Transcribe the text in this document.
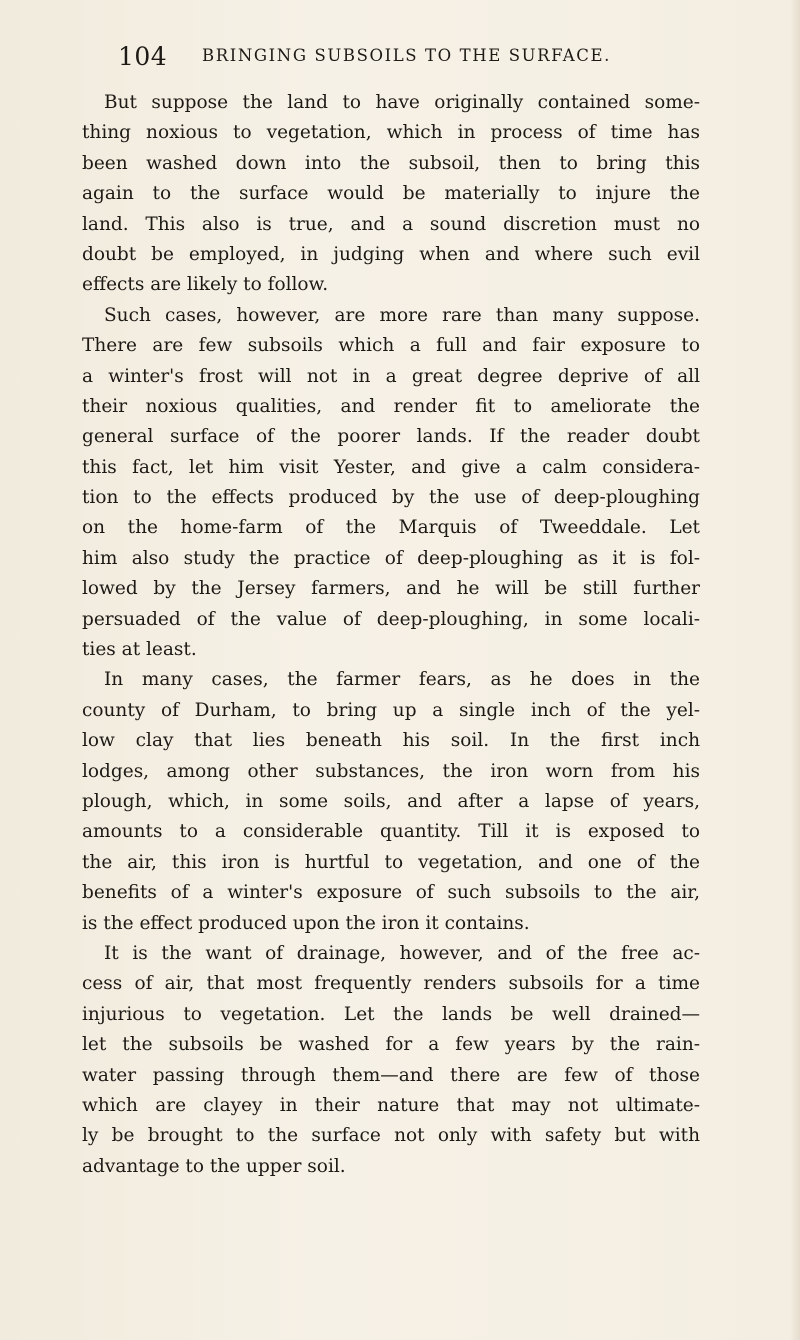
104 BRINGING SUBSOILS TO THE SURFACE.
But suppose the land to have originally contained some-
thing noxious to vegetation, which in process of time has
been washed down into the subsoil, then to bring this
again to the surface would be materially to injure the
land. This also is true, and a sound discretion must no
doubt be employed, in judging when and where such evil
effects are likely to follow.
Such cases, however, are more rare than many suppose.
There are few subsoils which a full and fair exposure to
a winter's frost will not in a great degree deprive of all
their noxious qualities, and render fit to ameliorate the
general surface of the poorer lands. If the reader doubt
this fact, let him visit Yester, and give a calm considera-
tion to the effects produced by the use of deep-ploughing
on the home-farm of the Marquis of Tweeddale. Let
him also study the practice of deep-ploughing as it is fol-
lowed by the Jersey farmers, and he will be still further
persuaded of the value of deep-ploughing, in some locali-
ties at least.
In many cases, the farmer fears, as he does in the
county of Durham, to bring up a single inch of the yel-
low clay that lies beneath his soil. In the first inch
lodges, among other substances, the iron worn from his
plough, which, in some soils, and after a lapse of years,
amounts to a considerable quantity. Till it is exposed to
the air, this iron is hurtful to vegetation, and one of the
benefits of a winter's exposure of such subsoils to the air,
is the effect produced upon the iron it contains.
It is the want of drainage, however, and of the free ac-
cess of air, that most frequently renders subsoils for a time
injurious to vegetation. Let the lands be well drained—
let the subsoils be washed for a few years by the rain-
water passing through them—and there are few of those
which are clayey in their nature that may not ultimate-
ly be brought to the surface not only with safety but with
advantage to the upper soil.
